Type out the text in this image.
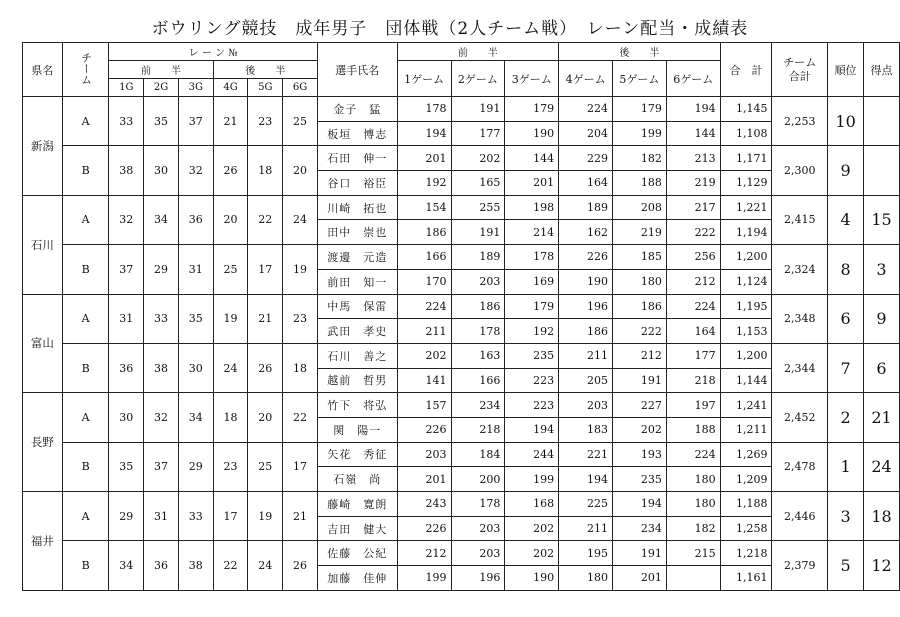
ボウリング競技　成年男子　団体戦（2人チーム戦）　レーン配当・成績表
県名	チーム	レ ー ン №						選手氏名	前　　半			後　　半			合　計	チーム合計	順位	得点
		前　　半			後　　半				1ゲーム	2ゲーム	3ゲーム	4ゲーム	5ゲーム	6ゲーム				
		1G	2G	3G	4G	5G	6G											
新潟	A	33	35	37	21	23	25	金子　猛	178	191	179	224	179	194	1,145	2,253	10	
								板垣　博志	194	177	190	204	199	144	1,108			
	B	38	30	32	26	18	20	石田　伸一	201	202	144	229	182	213	1,171	2,300	9	
								谷口　裕臣	192	165	201	164	188	219	1,129			
石川	A	32	34	36	20	22	24	川崎　拓也	154	255	198	189	208	217	1,221	2,415	4	15
								田中　崇也	186	191	214	162	219	222	1,194			
	B	37	29	31	25	17	19	渡邊　元造	166	189	178	226	185	256	1,200	2,324	8	3
								前田　知一	170	203	169	190	180	212	1,124			
富山	A	31	33	35	19	21	23	中馬　保雷	224	186	179	196	186	224	1,195	2,348	6	9
								武田　孝史	211	178	192	186	222	164	1,153			
	B	36	38	30	24	26	18	石川　善之	202	163	235	211	212	177	1,200	2,344	7	6
								越前　哲男	141	166	223	205	191	218	1,144			
長野	A	30	32	34	18	20	22	竹下　将弘	157	234	223	203	227	197	1,241	2,452	2	21
								関　陽一	226	218	194	183	202	188	1,211			
	B	35	37	29	23	25	17	矢花　秀征	203	184	244	221	193	224	1,269	2,478	1	24
								石嶺　尚	201	200	199	194	235	180	1,209			
福井	A	29	31	33	17	19	21	藤崎　寛朗	243	178	168	225	194	180	1,188	2,446	3	18
								吉田　健大	226	203	202	211	234	182	1,258			
	B	34	36	38	22	24	26	佐藤　公紀	212	203	202	195	191	215	1,218	2,379	5	12
								加藤　佳伸	199	196	190	180	201		1,161			
